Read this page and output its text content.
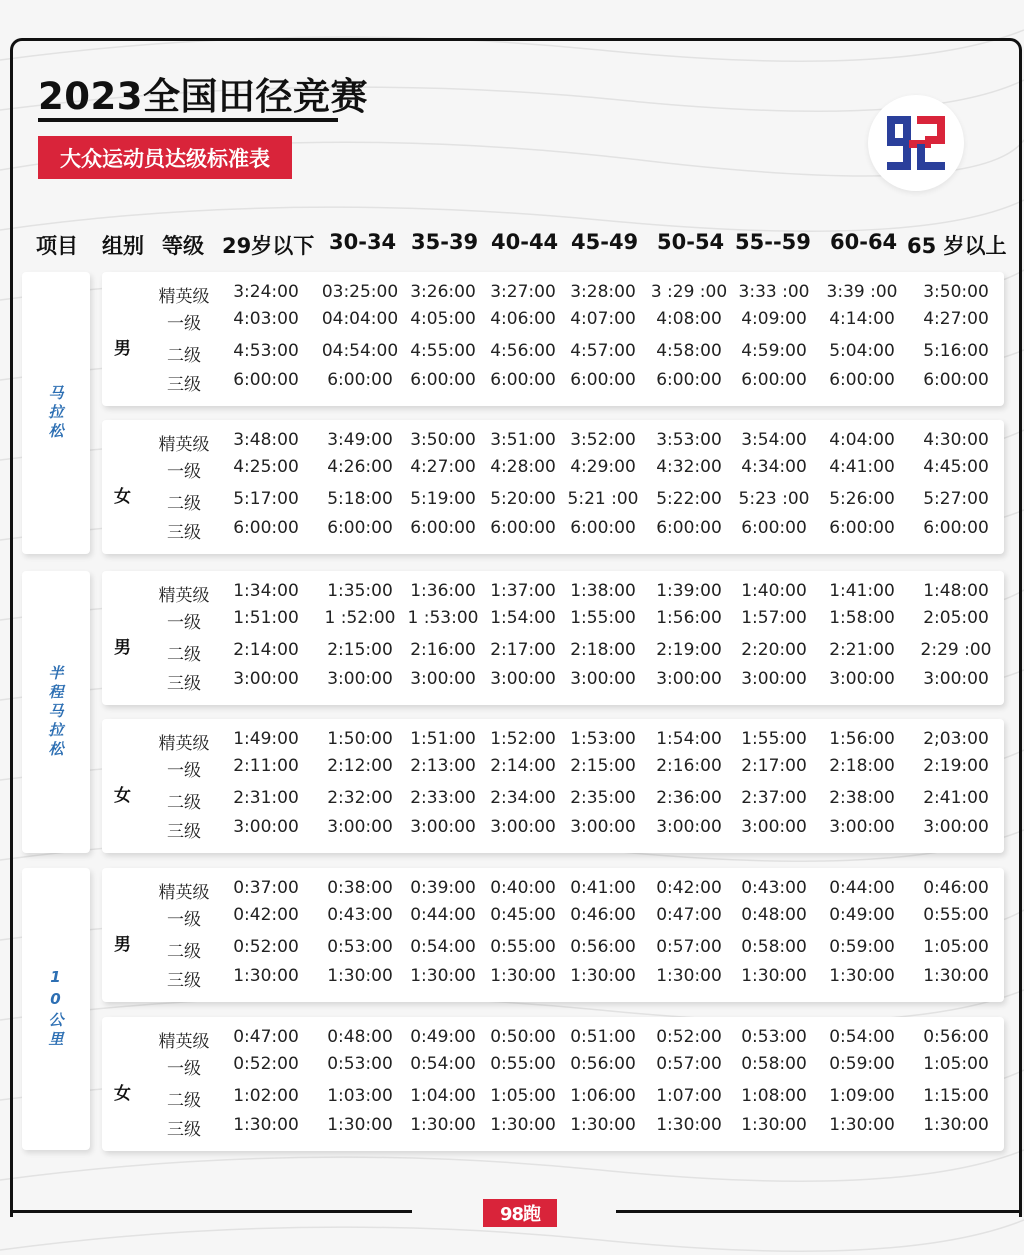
2023全国田径竞赛
大众运动员达级标准表
项目 组别 等级 29岁以下 30-34 35-39 40-44 45-49 50-54 55--59 60-64 65 岁以上
马拉松
半程马拉松
10公里
男
精英级 3:24:00 03:25:00 3:26:00 3:27:00 3:28:00 3 :29 :00 3:33 :00 3:39 :00 3:50:00
一级 4:03:00 04:04:00 4:05:00 4:06:00 4:07:00 4:08:00 4:09:00 4:14:00 4:27:00
二级 4:53:00 04:54:00 4:55:00 4:56:00 4:57:00 4:58:00 4:59:00 5:04:00 5:16:00
三级 6:00:00 6:00:00 6:00:00 6:00:00 6:00:00 6:00:00 6:00:00 6:00:00 6:00:00
女
精英级 3:48:00 3:49:00 3:50:00 3:51:00 3:52:00 3:53:00 3:54:00 4:04:00 4:30:00
一级 4:25:00 4:26:00 4:27:00 4:28:00 4:29:00 4:32:00 4:34:00 4:41:00 4:45:00
二级 5:17:00 5:18:00 5:19:00 5:20:00 5:21 :00 5:22:00 5:23 :00 5:26:00 5:27:00
三级 6:00:00 6:00:00 6:00:00 6:00:00 6:00:00 6:00:00 6:00:00 6:00:00 6:00:00
男
精英级 1:34:00 1:35:00 1:36:00 1:37:00 1:38:00 1:39:00 1:40:00 1:41:00 1:48:00
一级 1:51:00 1 :52:00 1 :53:00 1:54:00 1:55:00 1:56:00 1:57:00 1:58:00 2:05:00
二级 2:14:00 2:15:00 2:16:00 2:17:00 2:18:00 2:19:00 2:20:00 2:21:00 2:29 :00
三级 3:00:00 3:00:00 3:00:00 3:00:00 3:00:00 3:00:00 3:00:00 3:00:00 3:00:00
女
精英级 1:49:00 1:50:00 1:51:00 1:52:00 1:53:00 1:54:00 1:55:00 1:56:00 2;03:00
一级 2:11:00 2:12:00 2:13:00 2:14:00 2:15:00 2:16:00 2:17:00 2:18:00 2:19:00
二级 2:31:00 2:32:00 2:33:00 2:34:00 2:35:00 2:36:00 2:37:00 2:38:00 2:41:00
三级 3:00:00 3:00:00 3:00:00 3:00:00 3:00:00 3:00:00 3:00:00 3:00:00 3:00:00
男
精英级 0:37:00 0:38:00 0:39:00 0:40:00 0:41:00 0:42:00 0:43:00 0:44:00 0:46:00
一级 0:42:00 0:43:00 0:44:00 0:45:00 0:46:00 0:47:00 0:48:00 0:49:00 0:55:00
二级 0:52:00 0:53:00 0:54:00 0:55:00 0:56:00 0:57:00 0:58:00 0:59:00 1:05:00
三级 1:30:00 1:30:00 1:30:00 1:30:00 1:30:00 1:30:00 1:30:00 1:30:00 1:30:00
女
精英级 0:47:00 0:48:00 0:49:00 0:50:00 0:51:00 0:52:00 0:53:00 0:54:00 0:56:00
一级 0:52:00 0:53:00 0:54:00 0:55:00 0:56:00 0:57:00 0:58:00 0:59:00 1:05:00
二级 1:02:00 1:03:00 1:04:00 1:05:00 1:06:00 1:07:00 1:08:00 1:09:00 1:15:00
三级 1:30:00 1:30:00 1:30:00 1:30:00 1:30:00 1:30:00 1:30:00 1:30:00 1:30:00
98跑
